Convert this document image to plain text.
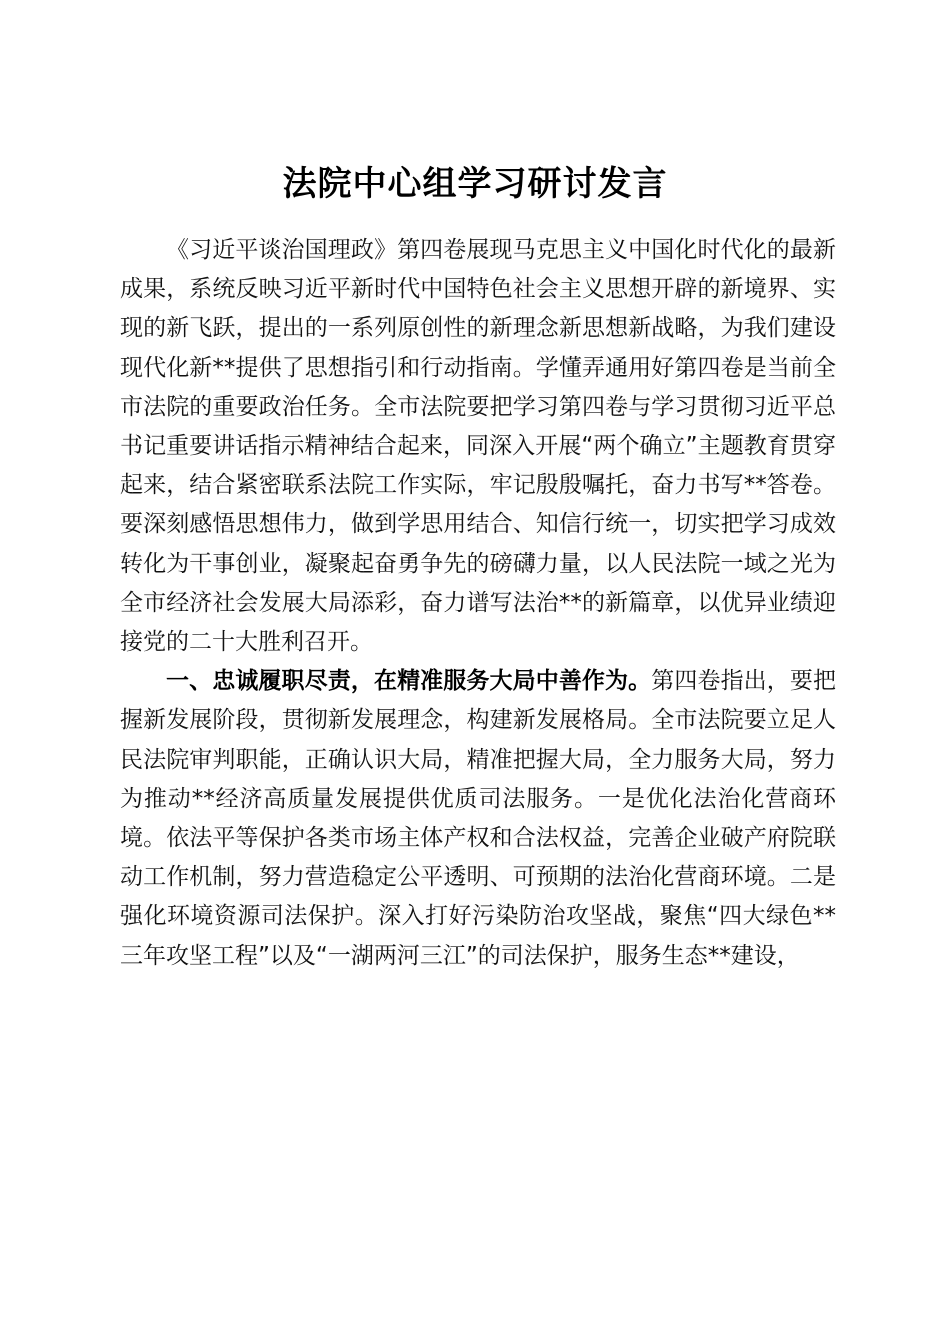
法院中心组学习研讨发言

《习近平谈治国理政》第四卷展现马克思主义中国化时代化的最新成果，系统反映习近平新时代中国特色社会主义思想开辟的新境界、实现的新飞跃，提出的一系列原创性的新理念新思想新战略，为我们建设现代化新**提供了思想指引和行动指南。学懂弄通用好第四卷是当前全市法院的重要政治任务。全市法院要把学习第四卷与学习贯彻习近平总书记重要讲话指示精神结合起来，同深入开展“两个确立”主题教育贯穿起来，结合紧密联系法院工作实际，牢记殷殷嘱托，奋力书写**答卷。要深刻感悟思想伟力，做到学思用结合、知信行统一，切实把学习成效转化为干事创业，凝聚起奋勇争先的磅礴力量，以人民法院一域之光为全市经济社会发展大局添彩，奋力谱写法治**的新篇章，以优异业绩迎接党的二十大胜利召开。

一、忠诚履职尽责，在精准服务大局中善作为。第四卷指出，要把握新发展阶段，贯彻新发展理念，构建新发展格局。全市法院要立足人民法院审判职能，正确认识大局，精准把握大局，全力服务大局，努力为推动**经济高质量发展提供优质司法服务。一是优化法治化营商环境。依法平等保护各类市场主体产权和合法权益，完善企业破产府院联动工作机制，努力营造稳定公平透明、可预期的法治化营商环境。二是强化环境资源司法保护。深入打好污染防治攻坚战，聚焦“四大绿色**三年攻坚工程”以及“一湖两河三江”的司法保护，服务生态**建设，
